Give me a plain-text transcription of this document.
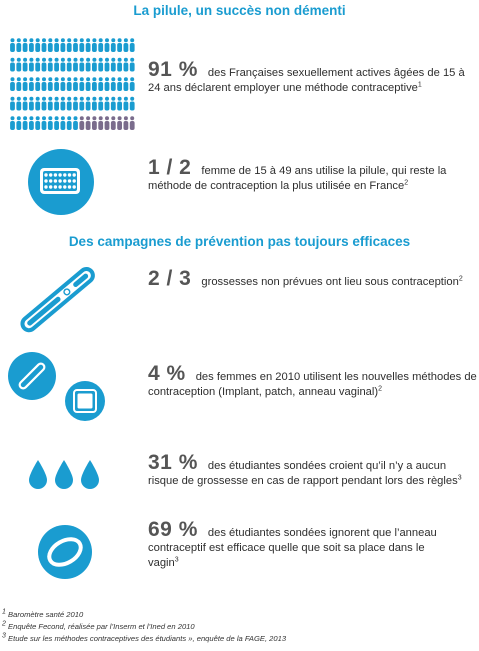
La pilule, un succès non démenti
91 % des Françaises sexuellement actives âgées de 15 à 24 ans déclarent employer une méthode contraceptive$^1$
1 / 2 femme de 15 à 49 ans utilise la pilule, qui reste la méthode de contraception la plus utilisée en France$^2$
Des campagnes de prévention pas toujours efficaces
2 / 3 grossesses non prévues ont lieu sous contraception$^2$
4 % des femmes en 2010 utilisent les nouvelles méthodes de contraception (Implant, patch, anneau vaginal)$^2$
31 % des étudiantes sondées croient qu’il n’y a aucun risque de grossesse en cas de rapport pendant lors des règles$^3$
69 % des étudiantes sondées ignorent que l’anneau contraceptif est efficace quelle que soit sa place dans le vagin$^3$
$^1$ Baromètre santé 2010
$^2$ Enquête Fecond, réalisée par l’Inserm et l’Ined en 2010
$^3$ Etude sur les méthodes contraceptives des étudiants », enquête de la FAGE, 2013
